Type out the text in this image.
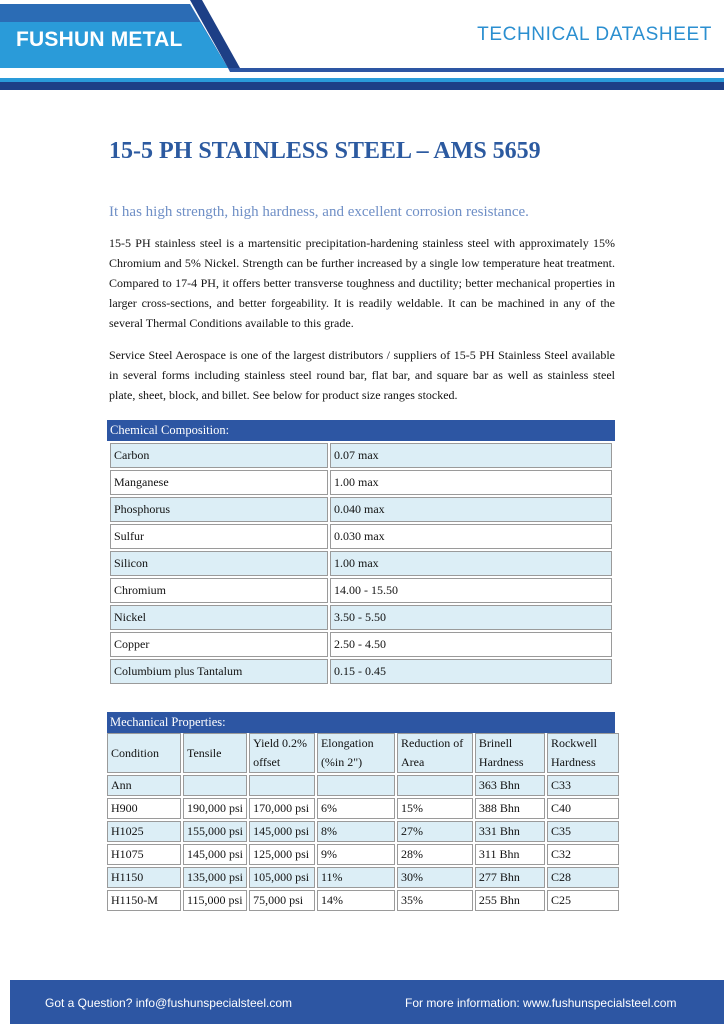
FUSHUN METAL	TECHNICAL DATASHEET
15-5 PH STAINLESS STEEL – AMS 5659
It has high strength, high hardness, and excellent corrosion resistance.

15-5 PH stainless steel is a martensitic precipitation-hardening stainless steel with approximately 15% Chromium and 5% Nickel. Strength can be further increased by a single low temperature heat treatment. Compared to 17-4 PH, it offers better transverse toughness and ductility; better mechanical properties in larger cross-sections, and better forgeability. It is readily weldable. It can be machined in any of the several Thermal Conditions available to this grade.

Service Steel Aerospace is one of the largest distributors / suppliers of 15-5 PH Stainless Steel available in several forms including stainless steel round bar, flat bar, and square bar as well as stainless steel plate, sheet, block, and billet. See below for product size ranges stocked.

Chemical Composition:
Carbon	0.07 max
Manganese	1.00 max
Phosphorus	0.040 max
Sulfur	0.030 max
Silicon	1.00 max
Chromium	14.00 - 15.50
Nickel	3.50 - 5.50
Copper	2.50 - 4.50
Columbium plus Tantalum	0.15 - 0.45
Mechanical Properties:
Condition	Tensile	Yield 0.2% offset	Elongation (%in 2")	Reduction of Area	Brinell Hardness	Rockwell Hardness
Ann					363 Bhn	C33
H900	190,000 psi	170,000 psi	6%	15%	388 Bhn	C40
H1025	155,000 psi	145,000 psi	8%	27%	331 Bhn	C35
H1075	145,000 psi	125,000 psi	9%	28%	311 Bhn	C32
H1150	135,000 psi	105,000 psi	11%	30%	277 Bhn	C28
H1150-M	115,000 psi	75,000 psi	14%	35%	255 Bhn	C25
Got a Question? info@fushunspecialsteel.com	For more information: www.fushunspecialsteel.com
